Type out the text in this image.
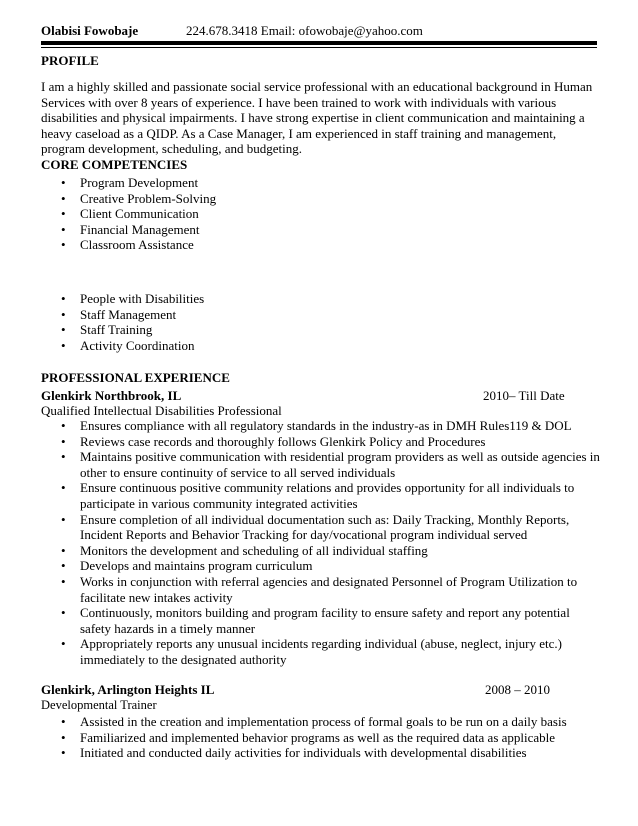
Olabisi Fowobaje	224.678.3418 Email: ofowobaje@yahoo.com
PROFILE
I am a highly skilled and passionate social service professional with an educational background in Human Services with over 8 years of experience. I have been trained to work with individuals with various disabilities and physical impairments. I have strong expertise in client communication and maintaining a heavy caseload as a QIDP. As a Case Manager, I am experienced in staff training and management, program development, scheduling, and budgeting.
CORE COMPETENCIES
• Program Development
• Creative Problem-Solving
• Client Communication
• Financial Management
• Classroom Assistance
• People with Disabilities
• Staff Management
• Staff Training
• Activity Coordination
PROFESSIONAL EXPERIENCE
Glenkirk Northbrook, IL	2010– Till Date
Qualified Intellectual Disabilities Professional
• Ensures compliance with all regulatory standards in the industry-as in DMH Rules119 & DOL
• Reviews case records and thoroughly follows Glenkirk Policy and Procedures
• Maintains positive communication with residential program providers as well as outside agencies in other to ensure continuity of service to all served individuals
• Ensure continuous positive community relations and provides opportunity for all individuals to participate in various community integrated activities
• Ensure completion of all individual documentation such as: Daily Tracking, Monthly Reports, Incident Reports and Behavior Tracking for day/vocational program individual served
• Monitors the development and scheduling of all individual staffing
• Develops and maintains program curriculum
• Works in conjunction with referral agencies and designated Personnel of Program Utilization to facilitate new intakes activity
• Continuously, monitors building and program facility to ensure safety and report any potential safety hazards in a timely manner
• Appropriately reports any unusual incidents regarding individual (abuse, neglect, injury etc.) immediately to the designated authority
Glenkirk, Arlington Heights IL	2008 – 2010
Developmental Trainer
• Assisted in the creation and implementation process of formal goals to be run on a daily basis
• Familiarized and implemented behavior programs as well as the required data as applicable
• Initiated and conducted daily activities for individuals with developmental disabilities
